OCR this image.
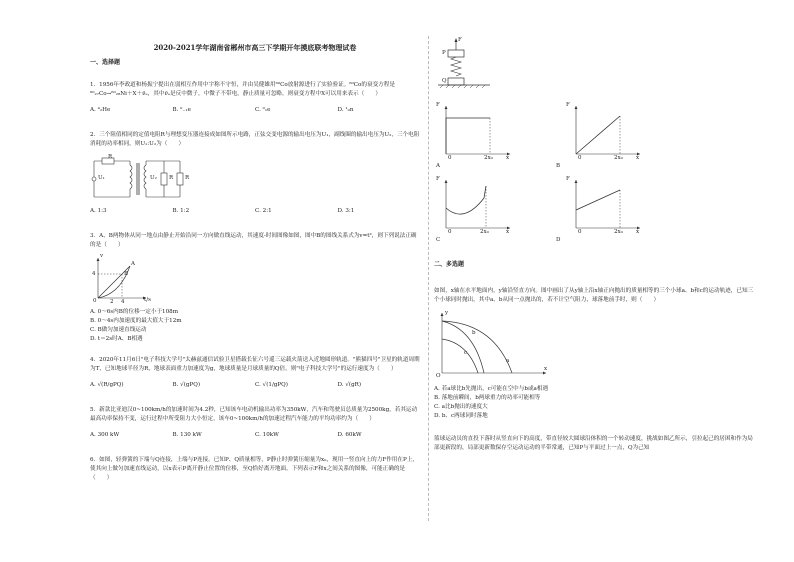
2020-2021学年湖南省郴州市高三下学期开年摸底联考物理试卷
一、选择题
1．1956年李政道和杨振宁提出在弱相互作用中宇称不守恒，并由吴健雄用⁶⁰Co放射源进行了实验验证。⁶⁰Co的衰变方程是⁶⁰₂₇Co→⁶⁰₂₈Ni＋X＋ν̄ₑ，其中ν̄ₑ是反中微子，中微子不带电，静止质量可忽略。则衰变方程中X可以用来表示（　　）
A. ⁴₂He	B. ⁰₋₁e	C. ⁰₁e	D. ¹₀n
2．三个阻值相同的定值电阻R与理想变压器连接成如图所示电路，正弦交变电源的输出电压为U₁，副线圈的输出电压为U₂，三个电阻消耗的功率相同，则U₁:U₂为（　　）
R
U₁	U₂ R R
A. 1:3	B. 1:2	C. 2:1	D. 3:1
3．A、B两物体从同一地点由静止开始沿同一方向做直线运动，其速度-时间图像如图，图中B的图线关系式为v=t²，则下列说法正确的是（　　）
v
t/s
A
B
4
0 2 4
A. 0～6s内B的位移一定小于108m
B. 0～4s内加速度的最大值大于12m
C. B做匀加速直线运动
D. t＝2s时A、B相遇
4．2020年11月6日"电子科技大学号"太赫兹通信试验卫星搭载长征六号遥三运载火箭送入近地圆形轨道。"熊猫四号"卫星的轨道周期为T，已知地球半径为R，地球表面重力加速度为g，地球质量是月球质量的Q倍，则"电子科技大学号"的运行速度为（　　）
A. √(R/gPQ)	B. √(gPQ)	C. √(1/gPQ)	D. √(gR)
5．新款比亚迪汉0~100km/h的加速时间为4.2秒，已知该车电动机输出功率为350kW，汽车和驾驶员总质量为2500kg，若其运动最高功率保持不变，运行过程中所受阻力大小恒定，该车0~100km/h的加速过程汽车能力的平均功率约为（　　）
A. 300 kW	B. 130 kW	C. 10kW	D. 60kW
6．如图，轻弹簧的下端与Q连接，上端与P连接。已知P、Q质量相等，P静止时弹簧压缩量为x₀，现用一竖直向上的力F作用在P上，使其向上做匀加速直线运动，以x表示P离开静止位置的位移，至Q恰好离开地面。下列表示F和x之间关系的图像，可能正确的是（　　）
F
P
Q
F
x
0	2x₀
A
F
x
0	2x₀
B
F
x
0	2x₀
C
F
x
0	2x₀
D
二、多选题
如图，x轴在水平地面内，y轴沿竖直方向。图中画出了从y轴上沿x轴正向抛出的质量相等的三个小球a、b和c的运动轨迹，已知三个小球同时抛出，其中a、b从同一点抛出的，若不计空气阻力，球落地前手时，则（　　）
y
x
O
a
b
c
A. 若a球比b先抛出，c可能在空中与b或a相遇
B. 落地前瞬间，b两球重力的功率可能相等
C. a比b抛出的速度大
D. b、c两球同时落地
篮球运动员的直投下落时从竖直向下的高度，带直径较大圆球沿体积的一个转动速度，挑战如图乙所示，引拉起己的居困和作为局部更新段的，局部更新数保存空运动运动的半带常通，已知P与平面过上一点，Q为己知
